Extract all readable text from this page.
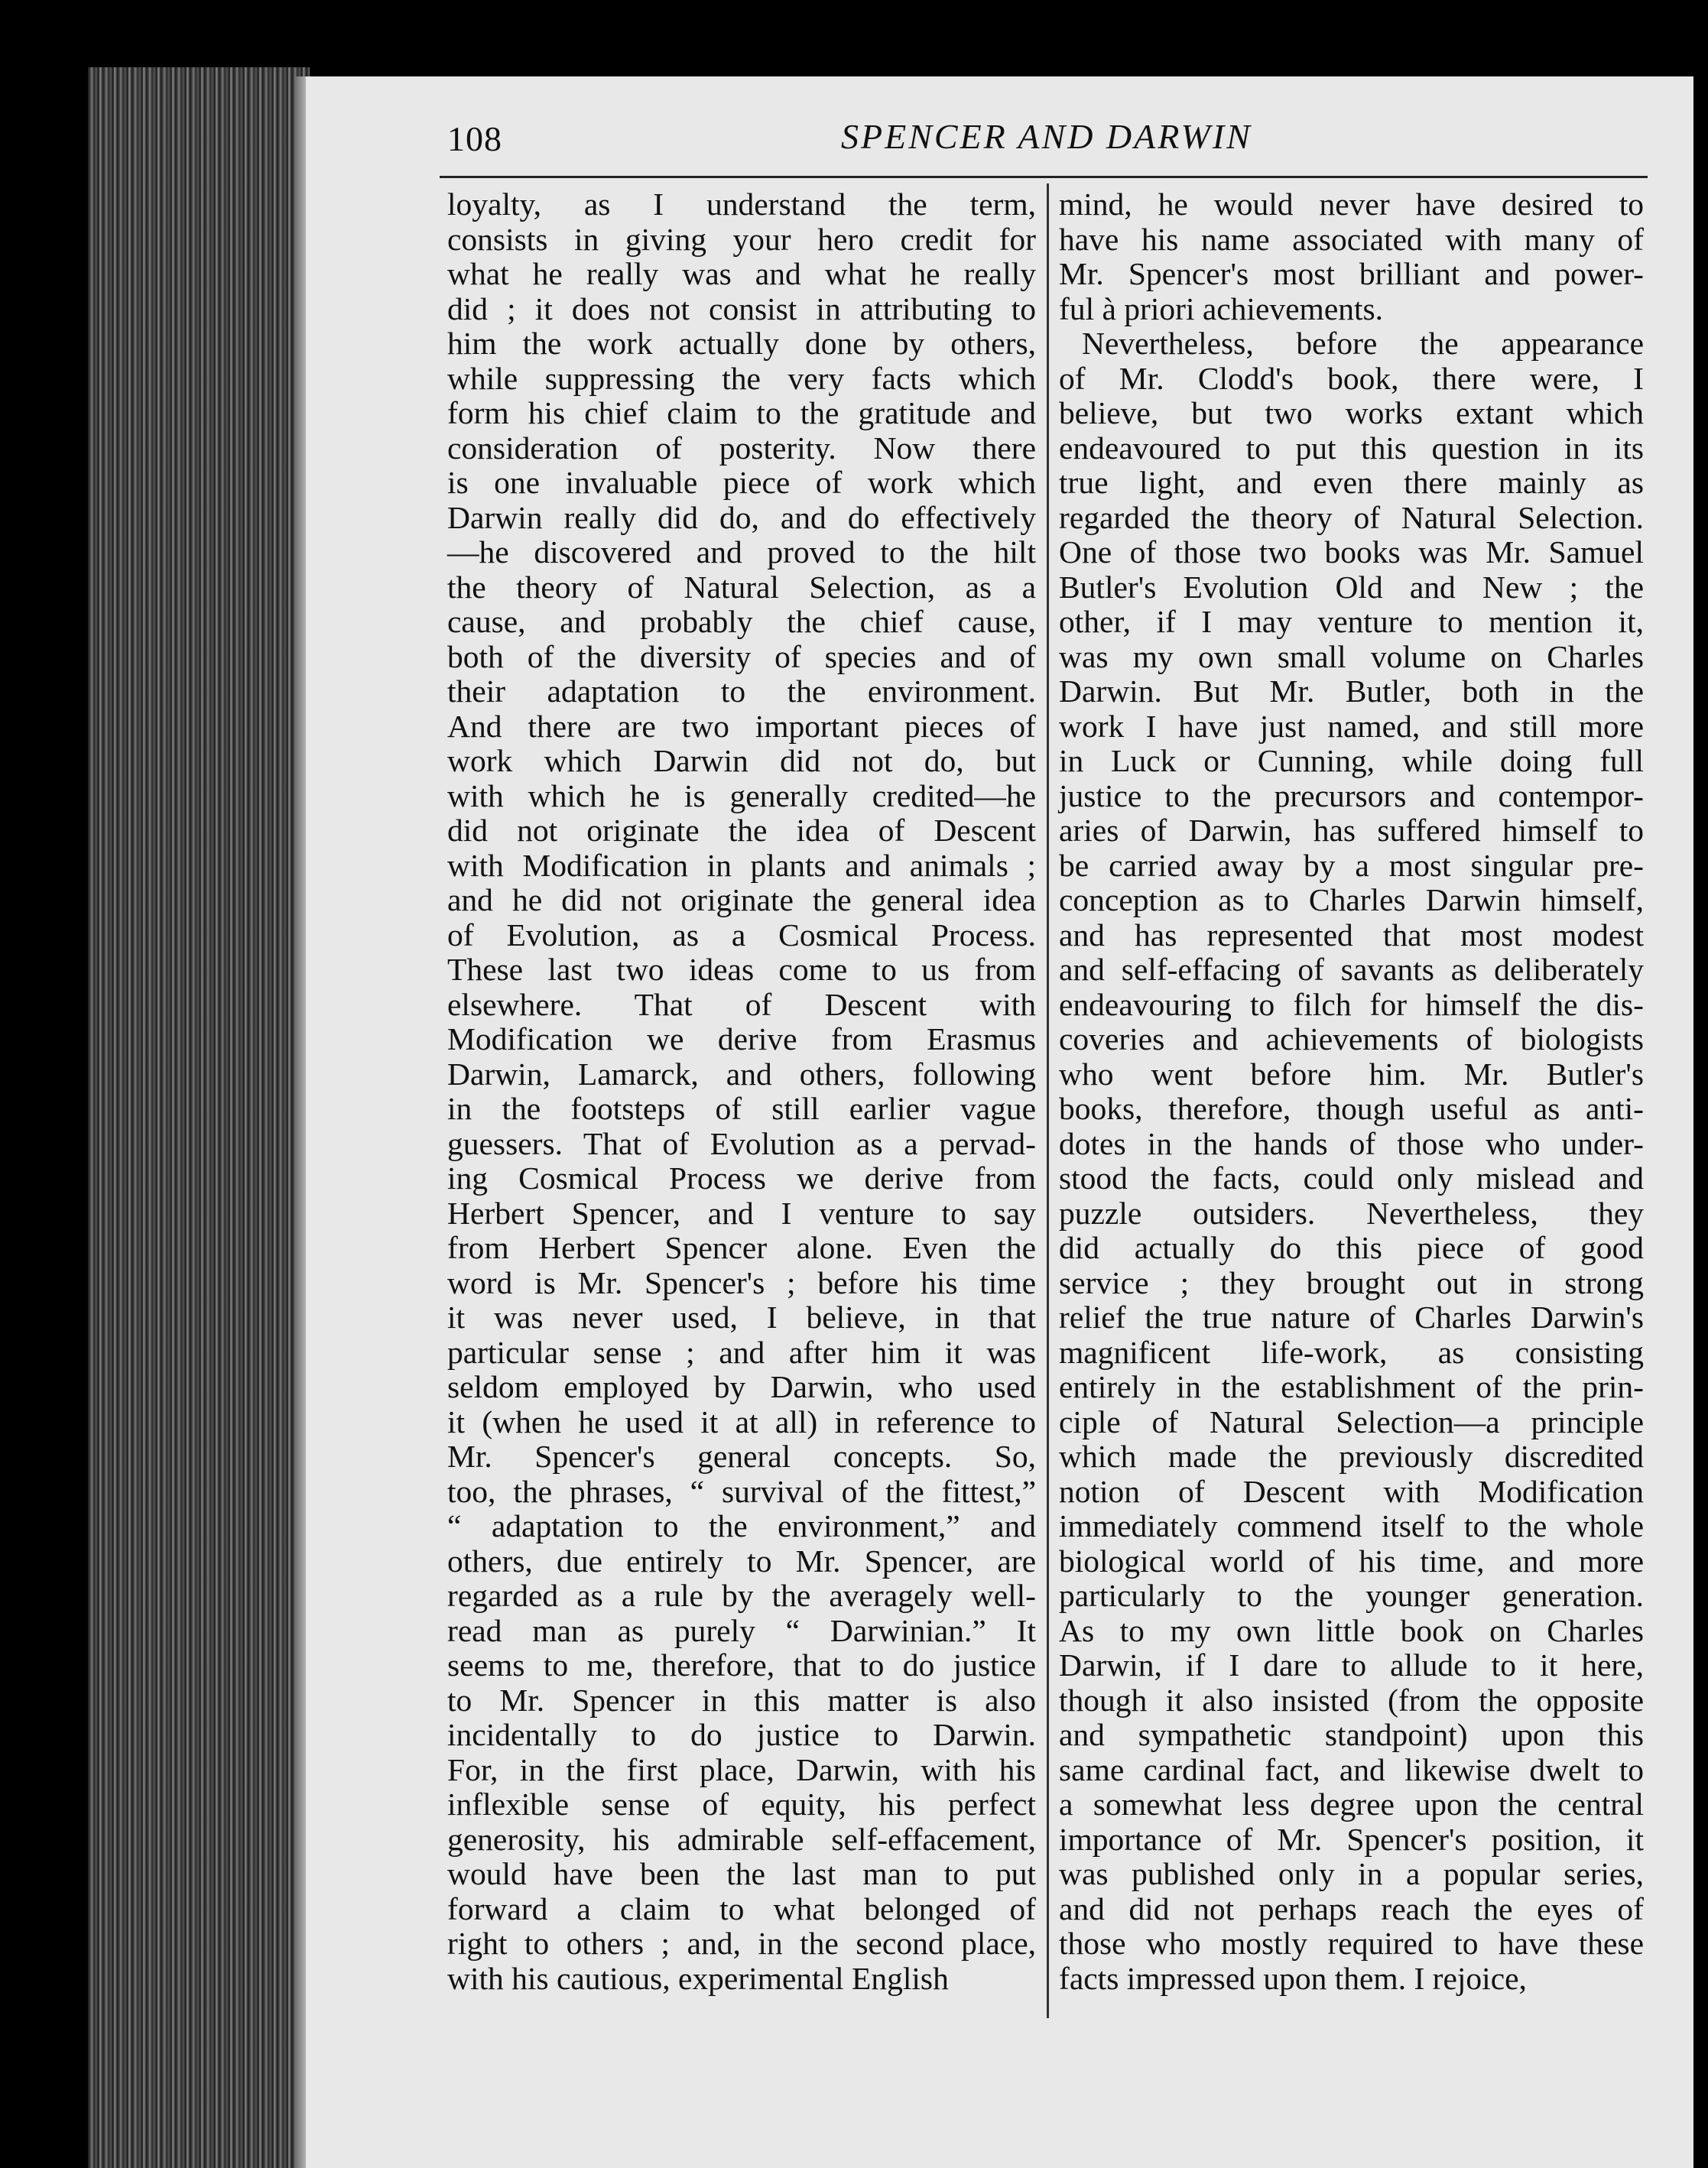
108	SPENCER AND DARWIN
loyalty, as I understand the term,
consists in giving your hero credit for
what he really was and what he really
did ; it does not consist in attributing to
him the work actually done by others,
while suppressing the very facts which
form his chief claim to the gratitude and
consideration of posterity. Now there
is one invaluable piece of work which
Darwin really did do, and do effectively
—he discovered and proved to the hilt
the theory of Natural Selection, as a
cause, and probably the chief cause,
both of the diversity of species and of
their adaptation to the environment.
And there are two important pieces of
work which Darwin did not do, but
with which he is generally credited—he
did not originate the idea of Descent
with Modification in plants and animals ;
and he did not originate the general idea
of Evolution, as a Cosmical Process.
These last two ideas come to us from
elsewhere. That of Descent with
Modification we derive from Erasmus
Darwin, Lamarck, and others, following
in the footsteps of still earlier vague
guessers. That of Evolution as a pervad-
ing Cosmical Process we derive from
Herbert Spencer, and I venture to say
from Herbert Spencer alone. Even the
word is Mr. Spencer's ; before his time
it was never used, I believe, in that
particular sense ; and after him it was
seldom employed by Darwin, who used
it (when he used it at all) in reference to
Mr. Spencer's general concepts. So,
too, the phrases, “ survival of the fittest,”
“ adaptation to the environment,” and
others, due entirely to Mr. Spencer, are
regarded as a rule by the averagely well-
read man as purely “ Darwinian.” It
seems to me, therefore, that to do justice
to Mr. Spencer in this matter is also
incidentally to do justice to Darwin.
For, in the first place, Darwin, with his
inflexible sense of equity, his perfect
generosity, his admirable self-effacement,
would have been the last man to put
forward a claim to what belonged of
right to others ; and, in the second place,
with his cautious, experimental English
mind, he would never have desired to
have his name associated with many of
Mr. Spencer's most brilliant and power-
ful à priori achievements.
Nevertheless, before the appearance
of Mr. Clodd's book, there were, I
believe, but two works extant which
endeavoured to put this question in its
true light, and even there mainly as
regarded the theory of Natural Selection.
One of those two books was Mr. Samuel
Butler's Evolution Old and New ; the
other, if I may venture to mention it,
was my own small volume on Charles
Darwin. But Mr. Butler, both in the
work I have just named, and still more
in Luck or Cunning, while doing full
justice to the precursors and contempor-
aries of Darwin, has suffered himself to
be carried away by a most singular pre-
conception as to Charles Darwin himself,
and has represented that most modest
and self-effacing of savants as deliberately
endeavouring to filch for himself the dis-
coveries and achievements of biologists
who went before him. Mr. Butler's
books, therefore, though useful as anti-
dotes in the hands of those who under-
stood the facts, could only mislead and
puzzle outsiders. Nevertheless, they
did actually do this piece of good
service ; they brought out in strong
relief the true nature of Charles Darwin's
magnificent life-work, as consisting
entirely in the establishment of the prin-
ciple of Natural Selection—a principle
which made the previously discredited
notion of Descent with Modification
immediately commend itself to the whole
biological world of his time, and more
particularly to the younger generation.
As to my own little book on Charles
Darwin, if I dare to allude to it here,
though it also insisted (from the opposite
and sympathetic standpoint) upon this
same cardinal fact, and likewise dwelt to
a somewhat less degree upon the central
importance of Mr. Spencer's position, it
was published only in a popular series,
and did not perhaps reach the eyes of
those who mostly required to have these
facts impressed upon them. I rejoice,
